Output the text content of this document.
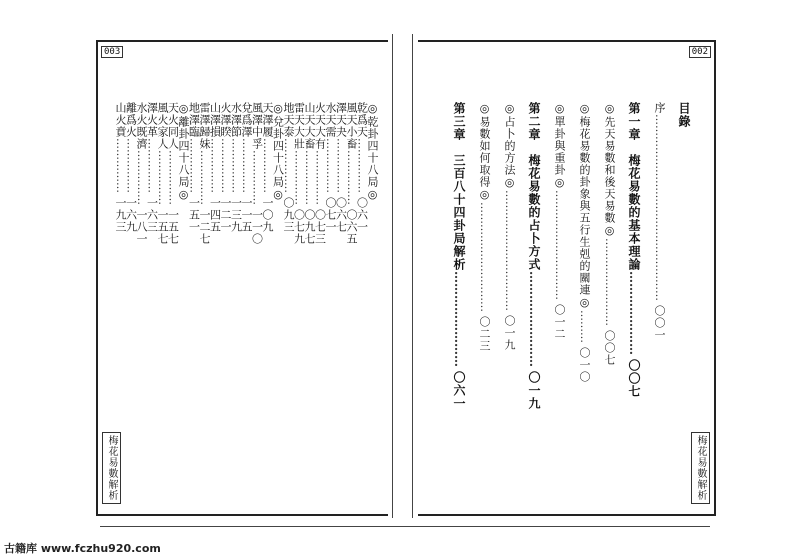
003
梅花易數解析
◎乾卦四十八局◎
乾爲天……………〇六一
風天小畜……………〇六五
澤天夬……………〇六七
水天需……………〇七一
火天大有……………〇七三
山天大畜……………〇九七
雷天大壯……………〇七九
地天泰……………〇九三
◎兌卦四十八局◎
天澤履……………一〇九
風澤中孚……………一一〇
兌爲澤……………一一五
水澤節……………一三九
火澤睽……………一二一
山澤損……………一四五
雷澤歸妹……………一二七
地澤臨……………一五一
◎離卦四十八局◎
天火同人……………一五七
風火家人……………一五七
澤火革……………一六三
水火既濟……………一八一
離爲火……………一六九
山火賁……………一九三
002
梅花易數解析
目錄
序……………………………………………〇〇一
第一章　梅花易數的基本理論…………………〇〇七
◎先天易數和後天易數◎……………………〇〇七
◎梅花易數的卦象與五行生剋的關連◎………〇一〇
◎單卦與重卦◎…………………………〇一二
第二章　梅花易數的占卜方式……………………〇一九
◎占卜的方法◎……………………………〇一九
◎易數如何取得◎…………………………〇二三
第三章　三百八十四卦局解析……………………〇六一
古籍库 www.fczhu920.com
